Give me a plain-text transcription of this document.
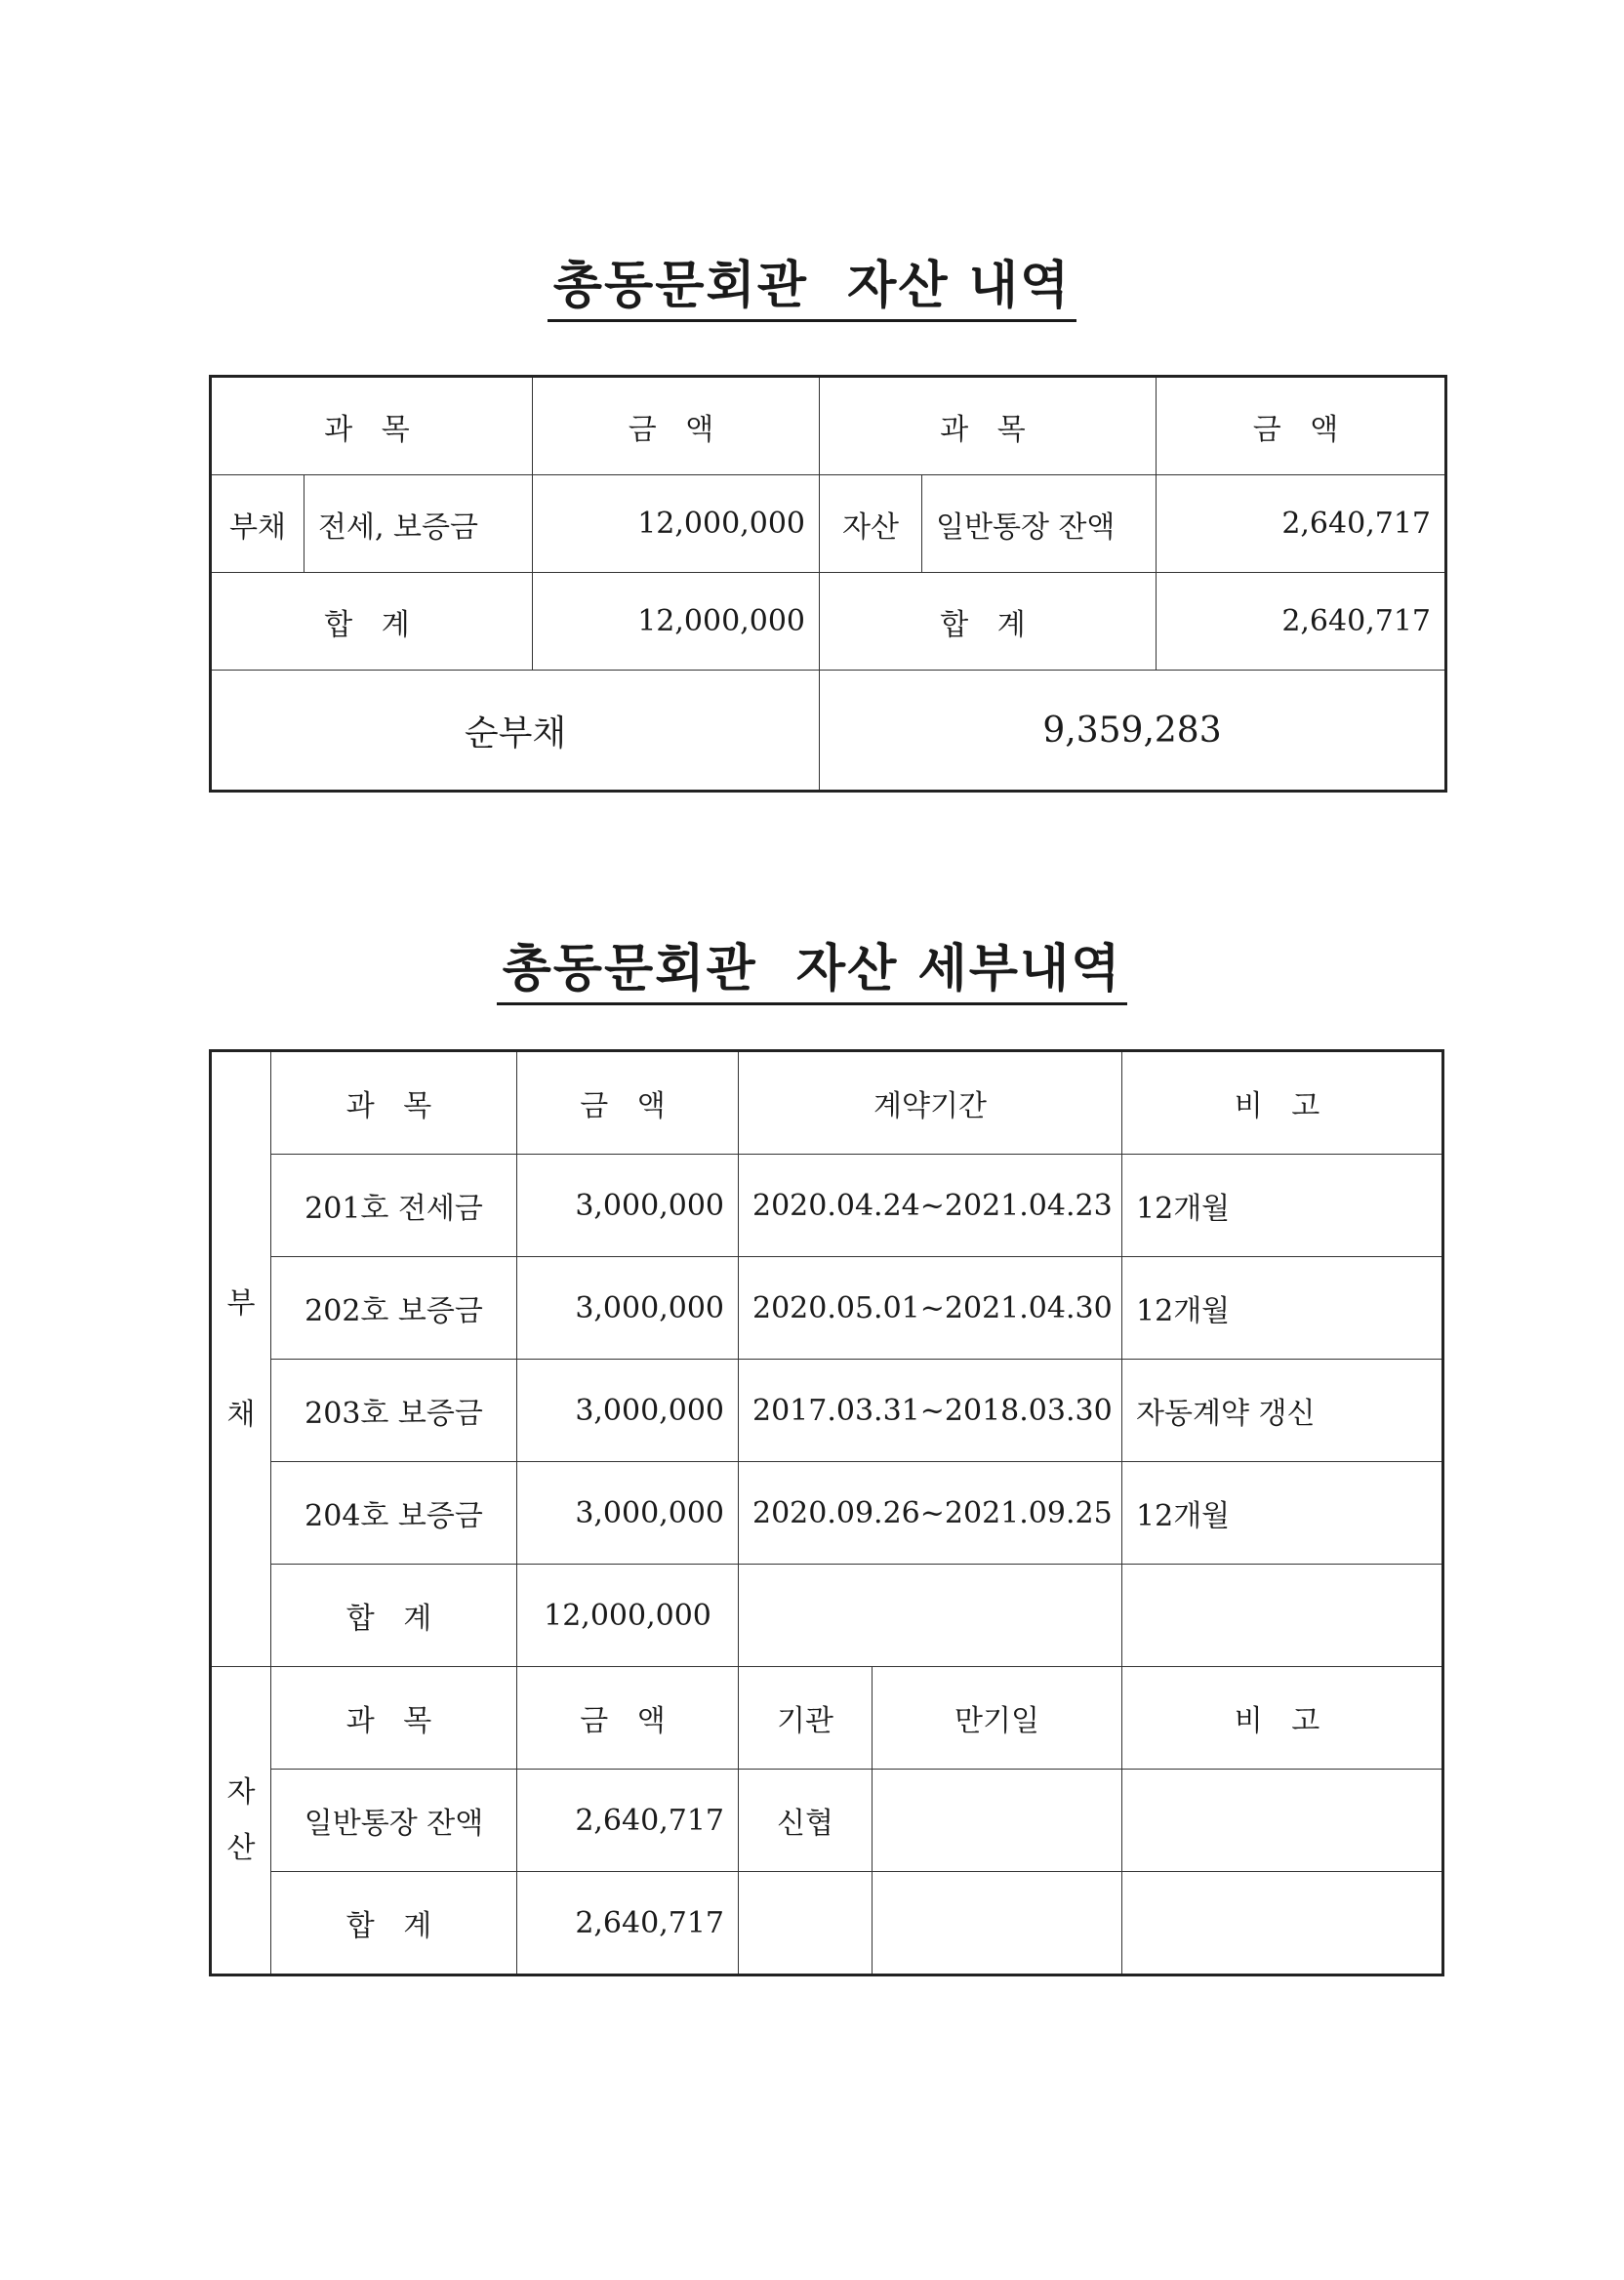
총동문회관  자산 내역
과 목		금 액	과 목		금 액
부채	전세, 보증금	12,000,000	자산	일반통장 잔액	2,640,717
합 계		12,000,000	합 계		2,640,717
순부채			9,359,283		
총동문회관  자산 세부내역
부

채	과 목	금 액	계약기간		비 고
	201호 전세금	3,000,000	2020.04.24~2021.04.23		12개월
	202호 보증금	3,000,000	2020.05.01~2021.04.30		12개월
	203호 보증금	3,000,000	2017.03.31~2018.03.30		자동계약 갱신
	204호 보증금	3,000,000	2020.09.26~2021.09.25		12개월
	합 계	12,000,000			
자
산	과 목	금 액	기관	만기일	비 고
	일반통장 잔액	2,640,717	신협		
	합 계	2,640,717			
